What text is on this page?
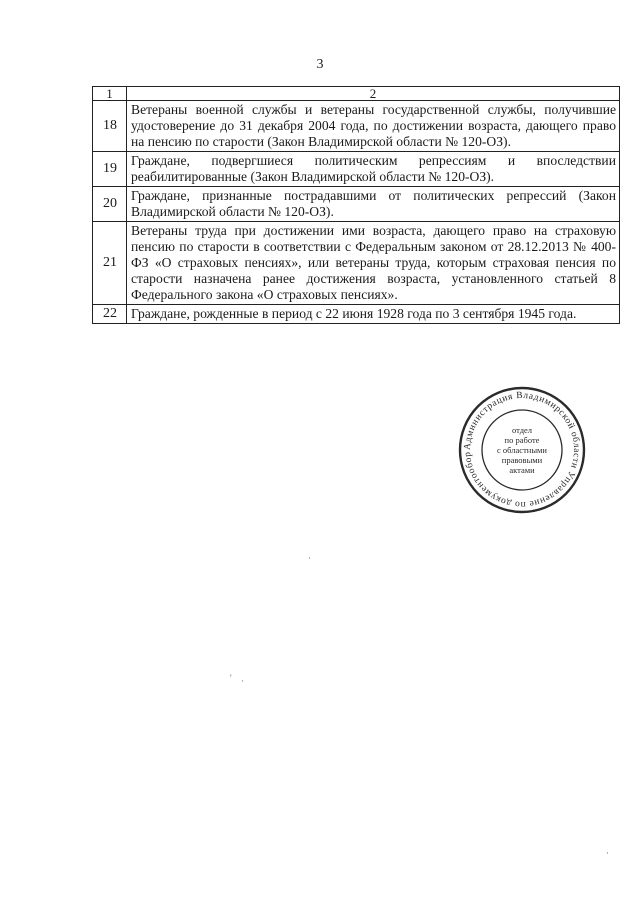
3
1	2
18	Ветераны военной службы и ветераны государственной службы, получившие удостоверение до 31 декабря 2004 года, по достижении возраста, дающего право на пенсию по старости (Закон Владимирской области № 120-ОЗ).
19	Граждане, подвергшиеся политическим репрессиям и впоследствии реабилитированные (Закон Владимирской области № 120-ОЗ).
20	Граждане, признанные пострадавшими от политических репрессий (Закон Владимирской области № 120-ОЗ).
21	Ветераны труда при достижении ими возраста, дающего право на страховую пенсию по старости в соответствии с Федеральным законом от 28.12.2013 № 400-ФЗ «О страховых пенсиях», или ветераны труда, которым страховая пенсия по старости назначена ранее достижения возраста, установленного статьей 8 Федерального закона «О страховых пенсиях».
22	Граждане, рожденные в период с 22 июня 1928 года по 3 сентября 1945 года.
Администрация Владимирской области Управление по документообор
отдел
по работе
с областными
правовыми
актами
·
' ·
·
